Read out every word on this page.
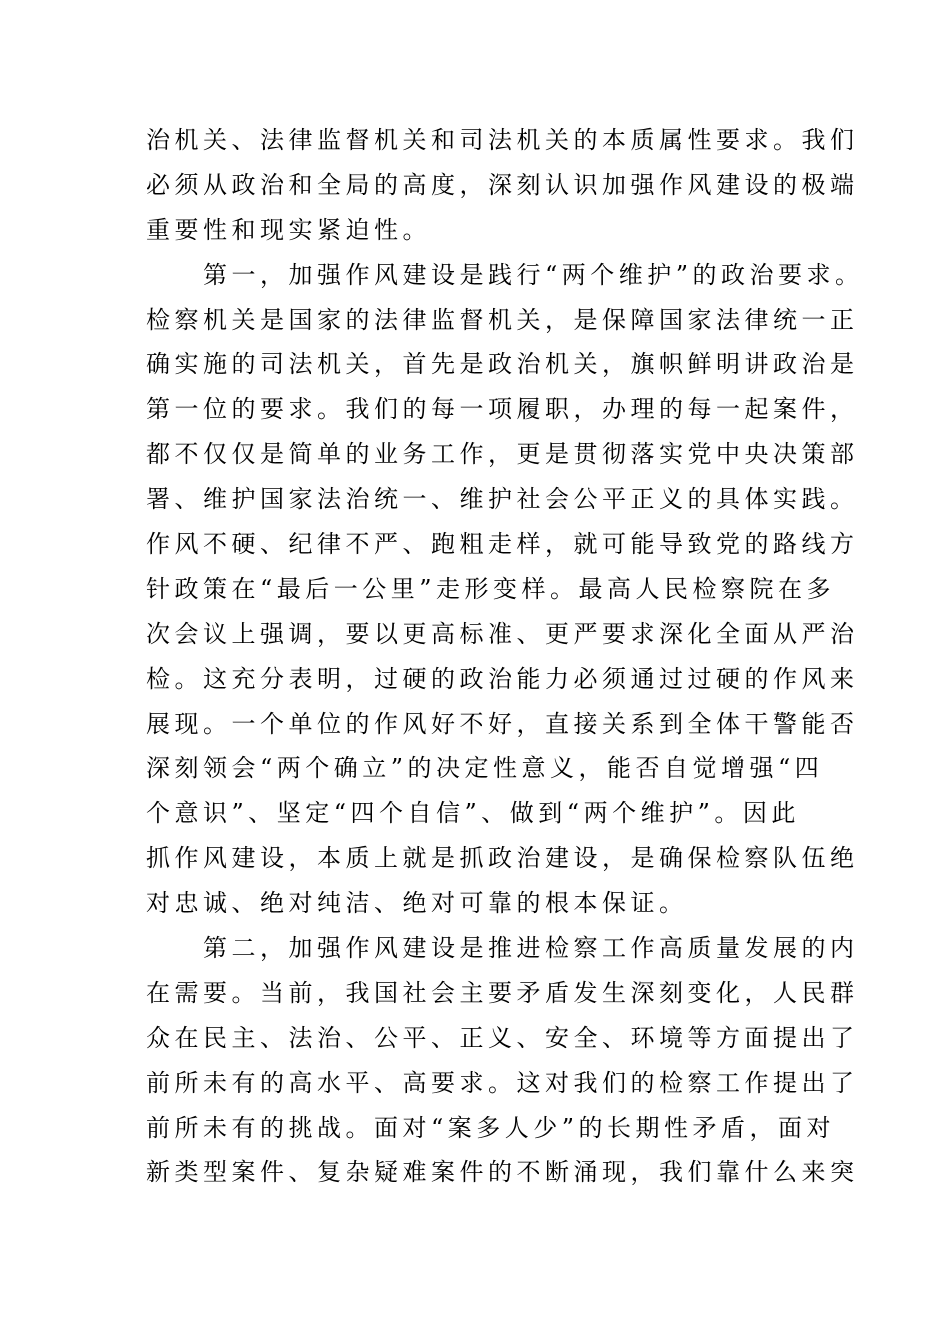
治机关、法律监督机关和司法机关的本质属性要求。我们
必须从政治和全局的高度，深刻认识加强作风建设的极端
重要性和现实紧迫性。
第一，加强作风建设是践行“两个维护”的政治要求。
检察机关是国家的法律监督机关，是保障国家法律统一正
确实施的司法机关，首先是政治机关，旗帜鲜明讲政治是
第一位的要求。我们的每一项履职，办理的每一起案件，
都不仅仅是简单的业务工作，更是贯彻落实党中央决策部
署、维护国家法治统一、维护社会公平正义的具体实践。
作风不硬、纪律不严、跑粗走样，就可能导致党的路线方
针政策在“最后一公里”走形变样。最高人民检察院在多
次会议上强调，要以更高标准、更严要求深化全面从严治
检。这充分表明，过硬的政治能力必须通过过硬的作风来
展现。一个单位的作风好不好，直接关系到全体干警能否
深刻领会“两个确立”的决定性意义，能否自觉增强“四
个意识”、坚定“四个自信”、做到“两个维护”。因此
抓作风建设，本质上就是抓政治建设，是确保检察队伍绝
对忠诚、绝对纯洁、绝对可靠的根本保证。
第二，加强作风建设是推进检察工作高质量发展的内
在需要。当前，我国社会主要矛盾发生深刻变化，人民群
众在民主、法治、公平、正义、安全、环境等方面提出了
前所未有的高水平、高要求。这对我们的检察工作提出了
前所未有的挑战。面对“案多人少”的长期性矛盾，面对
新类型案件、复杂疑难案件的不断涌现，我们靠什么来突
